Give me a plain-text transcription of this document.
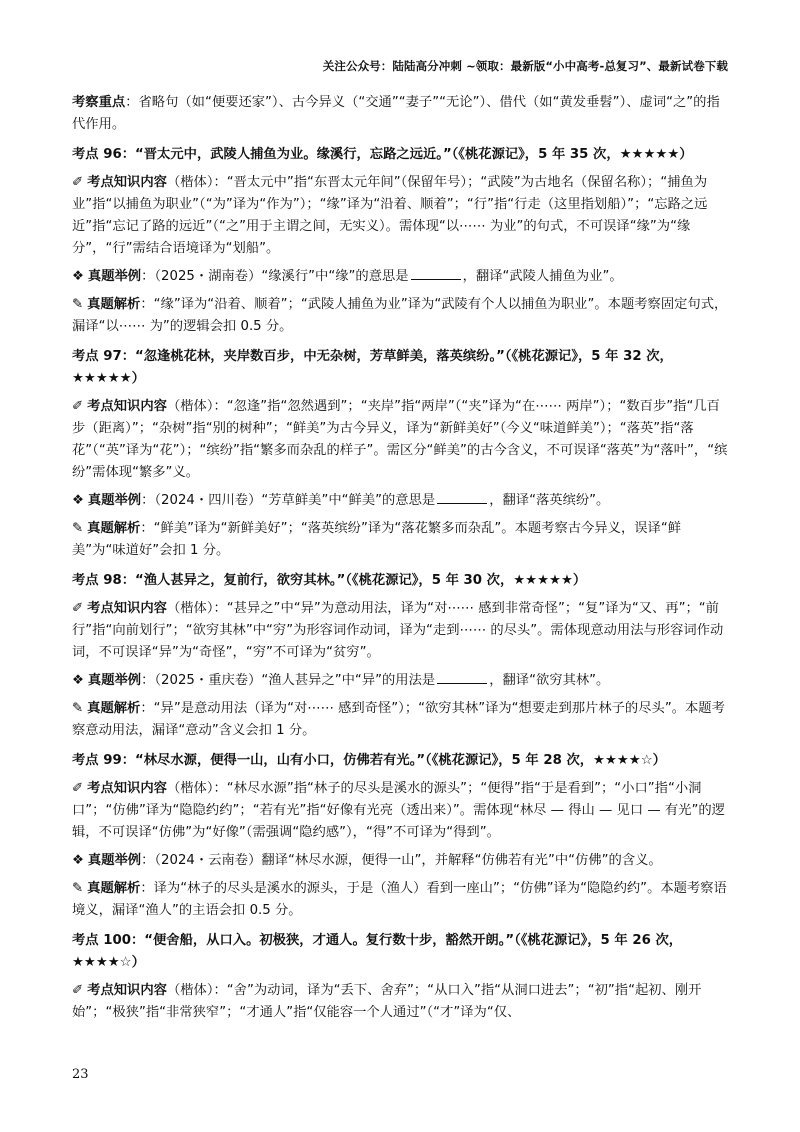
关注公众号：陆陆高分冲刺 ~领取：最新版“小中高考-总复习”、最新试卷下载

考察重点：省略句（如“便要还家”）、古今异义（“交通”“妻子”“无论”）、借代（如“黄发垂髫”）、虚词“之”的指代作用。

考点 96：“晋太元中，武陵人捕鱼为业。缘溪行，忘路之远近。”（《桃花源记》，5 年 35 次，★★★★★）

✐ 考点知识内容（楷体）：“晋太元中”指“东晋太元年间”（保留年号）；“武陵”为古地名（保留名称）；“捕鱼为业”指“以捕鱼为职业”（“为”译为“作为”）；“缘”译为“沿着、顺着”；“行”指“行走（这里指划船）”；“忘路之远近”指“忘记了路的远近”（“之”用于主谓之间，无实义）。需体现“以⋯⋯ 为业”的句式，不可误译“缘”为“缘分”，“行”需结合语境译为“划船”。

❖ 真题举例：（2025・湖南卷）“缘溪行”中“缘”的意思是	，翻译“武陵人捕鱼为业”。

✎ 真题解析：“缘”译为“沿着、顺着”；“武陵人捕鱼为业”译为“武陵有个人以捕鱼为职业”。本题考察固定句式，漏译“以⋯⋯ 为”的逻辑会扣 0.5 分。

考点 97：“忽逢桃花林，夹岸数百步，中无杂树，芳草鲜美，落英缤纷。”（《桃花源记》，5 年 32 次，★★★★★）

✐ 考点知识内容（楷体）：“忽逢”指“忽然遇到”；“夹岸”指“两岸”（“夹”译为“在⋯⋯ 两岸”）；“数百步”指“几百步（距离）”；“杂树”指“别的树种”；“鲜美”为古今异义，译为“新鲜美好”（今义“味道鲜美”）；“落英”指“落花”（“英”译为“花”）；“缤纷”指“繁多而杂乱的样子”。需区分“鲜美”的古今含义，不可误译“落英”为“落叶”，“缤纷”需体现“繁多”义。

❖ 真题举例：（2024・四川卷）“芳草鲜美”中“鲜美”的意思是	，翻译“落英缤纷”。

✎ 真题解析：“鲜美”译为“新鲜美好”；“落英缤纷”译为“落花繁多而杂乱”。本题考察古今异义，误译“鲜美”为“味道好”会扣 1 分。

考点 98：“渔人甚异之，复前行，欲穷其林。”（《桃花源记》，5 年 30 次，★★★★★）

✐ 考点知识内容（楷体）：“甚异之”中“异”为意动用法，译为“对⋯⋯ 感到非常奇怪”；“复”译为“又、再”；“前行”指“向前划行”；“欲穷其林”中“穷”为形容词作动词，译为“走到⋯⋯ 的尽头”。需体现意动用法与形容词作动词，不可误译“异”为“奇怪”，“穷”不可译为“贫穷”。

❖ 真题举例：（2025・重庆卷）“渔人甚异之”中“异”的用法是	，翻译“欲穷其林”。

✎ 真题解析：“异”是意动用法（译为“对⋯⋯ 感到奇怪”）；“欲穷其林”译为“想要走到那片林子的尽头”。本题考察意动用法，漏译“意动”含义会扣 1 分。

考点 99：“林尽水源，便得一山，山有小口，仿佛若有光。”（《桃花源记》，5 年 28 次，★★★★☆）

✐ 考点知识内容（楷体）：“林尽水源”指“林子的尽头是溪水的源头”；“便得”指“于是看到”；“小口”指“小洞口”；“仿佛”译为“隐隐约约”；“若有光”指“好像有光亮（透出来）”。需体现“林尽 — 得山 — 见口 — 有光”的逻辑，不可误译“仿佛”为“好像”（需强调“隐约感”），“得”不可译为“得到”。

❖ 真题举例：（2024・云南卷）翻译“林尽水源，便得一山”，并解释“仿佛若有光”中“仿佛”的含义。

✎ 真题解析：译为“林子的尽头是溪水的源头，于是（渔人）看到一座山”；“仿佛”译为“隐隐约约”。本题考察语境义，漏译“渔人”的主语会扣 0.5 分。

考点 100：“便舍船，从口入。初极狭，才通人。复行数十步，豁然开朗。”（《桃花源记》，5 年 26 次，★★★★☆）

✐ 考点知识内容（楷体）：“舍”为动词，译为“丢下、舍弃”；“从口入”指“从洞口进去”；“初”指“起初、刚开始”；“极狭”指“非常狭窄”；“才通人”指“仅能容一个人通过”（“才”译为“仅、

23
